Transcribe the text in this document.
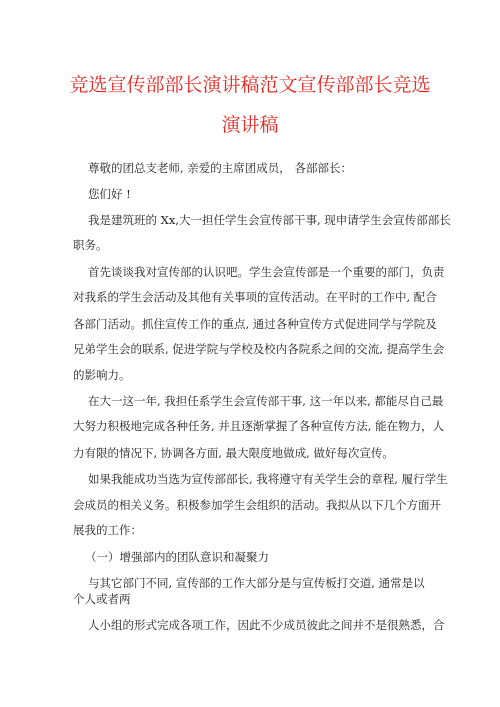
竞选宣传部部长演讲稿范文宣传部部长竞选
演讲稿
尊敬的团总支老师, 亲爱的主席团成员， 各部部长：
您们好 !
我是建筑班的 Xx,大一担任学生会宣传部干事, 现申请学生会宣传部部长
职务。
首先谈谈我对宣传部的认识吧。学生会宣传部是一个重要的部门，负责
对我系的学生会活动及其他有关事项的宣传活动。在平时的工作中, 配合
各部门活动。抓住宣传工作的重点, 通过各种宣传方式促进同学与学院及
兄弟学生会的联系, 促进学院与学校及校内各院系之间的交流, 提高学生会
的影响力。
在大一这一年, 我担任系学生会宣传部干事, 这一年以来, 都能尽自己最
大努力积极地完成各种任务, 并且逐渐掌握了各种宣传方法, 能在物力，人
力有限的情况下, 协调各方面, 最大限度地做成, 做好每次宣传。
如果我能成功当选为宣传部部长, 我将遵守有关学生会的章程, 履行学生
会成员的相关义务。积极参加学生会组织的活动。我拟从以下几个方面开
展我的工作：
（一）增强部内的团队意识和凝聚力
与其它部门不同, 宣传部的工作大部分是与宣传板打交道, 通常是以
个人或者两
人小组的形式完成各项工作，因此不少成员彼此之间并不是很熟悉，合
